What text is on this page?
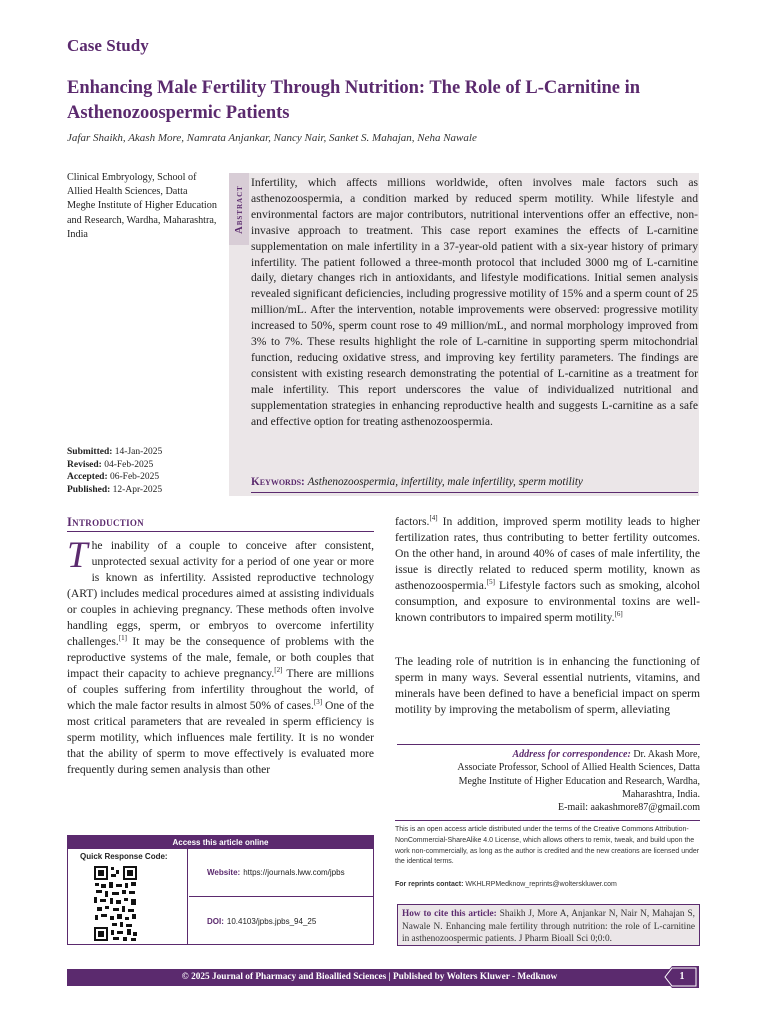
Case Study
Enhancing Male Fertility Through Nutrition: The Role of L-Carnitine in Asthenozoospermic Patients
Jafar Shaikh, Akash More, Namrata Anjankar, Nancy Nair, Sanket S. Mahajan, Neha Nawale
Clinical Embryology, School of Allied Health Sciences, Datta Meghe Institute of Higher Education and Research, Wardha, Maharashtra, India
Submitted: 14-Jan-2025
Revised: 04-Feb-2025
Accepted: 06-Feb-2025
Published: 12-Apr-2025
Abstract

Infertility, which affects millions worldwide, often involves male factors such as asthenozoospermia, a condition marked by reduced sperm motility. While lifestyle and environmental factors are major contributors, nutritional interventions offer an effective, non-invasive approach to treatment. This case report examines the effects of L-carnitine supplementation on male infertility in a 37-year-old patient with a six-year history of primary infertility. The patient followed a three-month protocol that included 3000 mg of L-carnitine daily, dietary changes rich in antioxidants, and lifestyle modifications. Initial semen analysis revealed significant deficiencies, including progressive motility of 15% and a sperm count of 25 million/mL. After the intervention, notable improvements were observed: progressive motility increased to 50%, sperm count rose to 49 million/mL, and normal morphology improved from 3% to 7%. These results highlight the role of L-carnitine in supporting sperm mitochondrial function, reducing oxidative stress, and improving key fertility parameters. The findings are consistent with existing research demonstrating the potential of L-carnitine as a treatment for male infertility. This report underscores the value of individualized nutritional and supplementation strategies in enhancing reproductive health and suggests L-carnitine as a safe and effective option for treating asthenozoospermia.

Keywords: Asthenozoospermia, infertility, male infertility, sperm motility
Introduction
The inability of a couple to conceive after consistent, unprotected sexual activity for a period of one year or more is known as infertility. Assisted reproductive technology (ART) includes medical procedures aimed at assisting individuals or couples in achieving pregnancy. These methods often involve handling eggs, sperm, or embryos to overcome infertility challenges.[1] It may be the consequence of problems with the reproductive systems of the male, female, or both couples that impact their capacity to achieve pregnancy.[2] There are millions of couples suffering from infertility throughout the world, of which the male factor results in almost 50% of cases.[3] One of the most critical parameters that are revealed in sperm efficiency is sperm motility, which influences male fertility. It is no wonder that the ability of sperm to move effectively is evaluated more frequently during semen analysis than other
factors.[4] In addition, improved sperm motility leads to higher fertilization rates, thus contributing to better fertility outcomes. On the other hand, in around 40% of cases of male infertility, the issue is directly related to reduced sperm motility, known as asthenozoospermia.[5] Lifestyle factors such as smoking, alcohol consumption, and exposure to environmental toxins are well-known contributors to impaired sperm motility.[6]
The leading role of nutrition is in enhancing the functioning of sperm in many ways. Several essential nutrients, vitamins, and minerals have been defined to have a beneficial impact on sperm motility by improving the metabolism of sperm, alleviating
Address for correspondence: Dr. Akash More,
Associate Professor, School of Allied Health Sciences, Datta
Meghe Institute of Higher Education and Research, Wardha,
Maharashtra, India.
E-mail: aakashmore87@gmail.com
This is an open access article distributed under the terms of the Creative Commons Attribution-NonCommercial-ShareAlike 4.0 License, which allows others to remix, tweak, and build upon the work non-commercially, as long as the author is credited and the new creations are licensed under the identical terms.
For reprints contact: WKHLRPMedknow_reprints@wolterskluwer.com
How to cite this article: Shaikh J, More A, Anjankar N, Nair N, Mahajan S, Nawale N. Enhancing male fertility through nutrition: the role of L-carnitine in asthenozoospermic patients. J Pharm Bioall Sci 0;0:0.
Access this article online
Quick Response Code:
Website: https://journals.lww.com/jpbs
DOI: 10.4103/jpbs.jpbs_94_25
© 2025 Journal of Pharmacy and Bioallied Sciences | Published by Wolters Kluwer - Medknow	1
